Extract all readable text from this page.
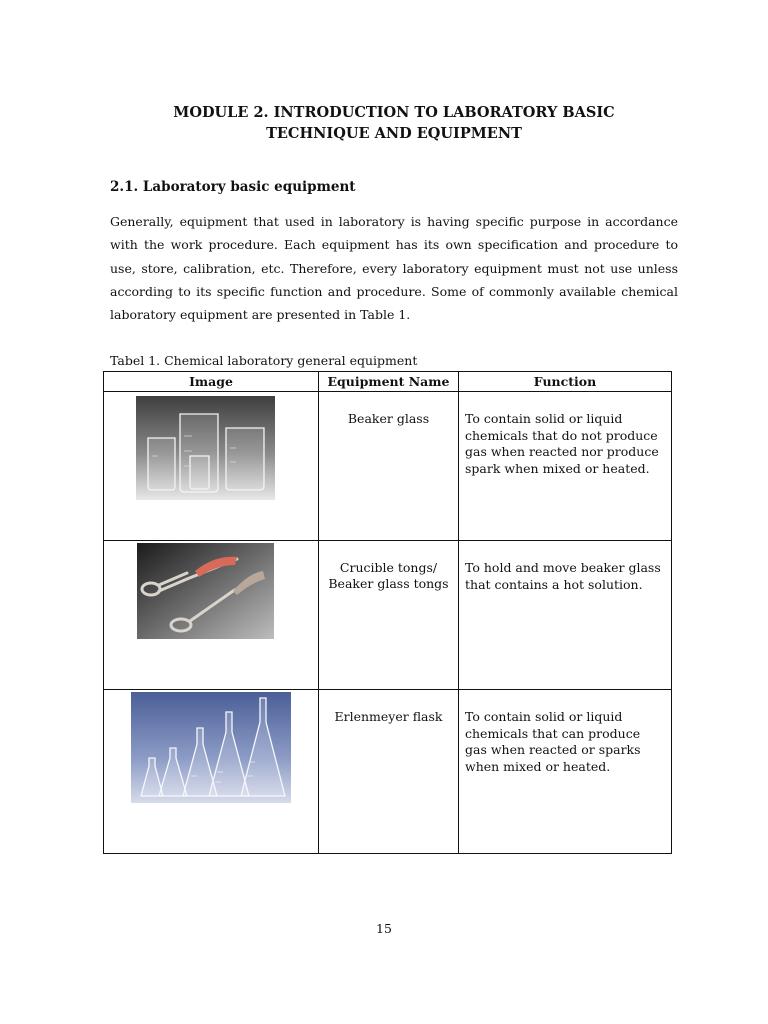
MODULE 2. INTRODUCTION TO LABORATORY BASIC TECHNIQUE AND EQUIPMENT
2.1. Laboratory basic equipment
Generally, equipment that used in laboratory is having specific purpose in accordance with the work procedure. Each equipment has its own specification and procedure to use, store, calibration, etc. Therefore, every laboratory equipment must not use unless according to its specific function and procedure. Some of commonly available chemical laboratory equipment are presented in Table 1.
Tabel 1. Chemical laboratory general equipment
Image	Equipment Name	Function

	Beaker glass	To contain solid or liquid chemicals that do not produce gas when reacted nor produce spark when mixed or heated.

	Crucible tongs/ Beaker glass tongs	To hold and move beaker glass that contains a hot solution.

	Erlenmeyer flask	To contain solid or liquid chemicals that can produce gas when reacted or sparks when mixed or heated.
15
